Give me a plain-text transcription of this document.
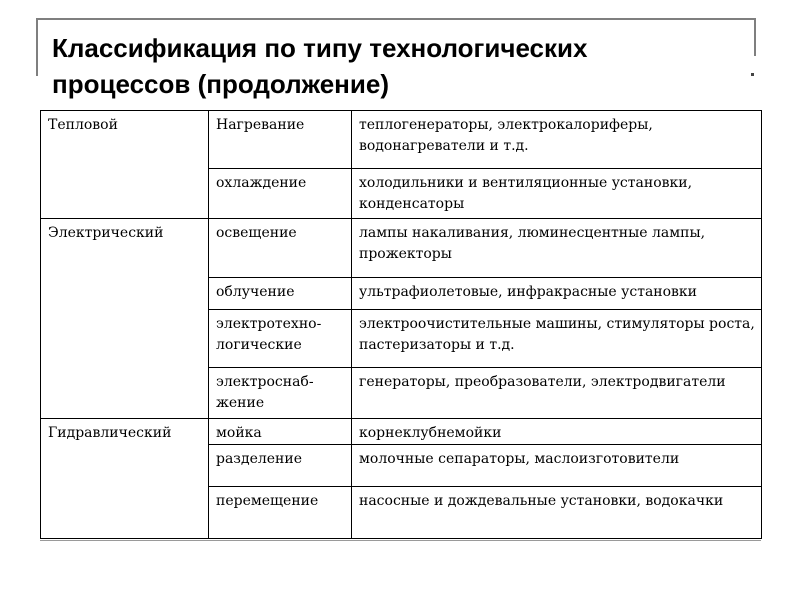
Классификация по типу технологических
процессов (продолжение)
Тепловой	Нагревание	теплогенераторы, электрокалориферы, водонагреватели и т.д.
	охлаждение	холодильники и вентиляционные установки, конденсаторы
Электрический	освещение	лампы накаливания, люминесцентные лампы, прожекторы
	облучение	ультрафиолетовые, инфракрасные установки
	электротехно-логические	электроочистительные машины, стимуляторы роста, пастеризаторы и т.д.
	электроснаб-жение	генераторы, преобразователи, электродвигатели
Гидравлический	мойка	корнеклубнемойки
	разделение	молочные сепараторы, маслоизготовители
	перемещение	насосные и дождевальные установки, водокачки
